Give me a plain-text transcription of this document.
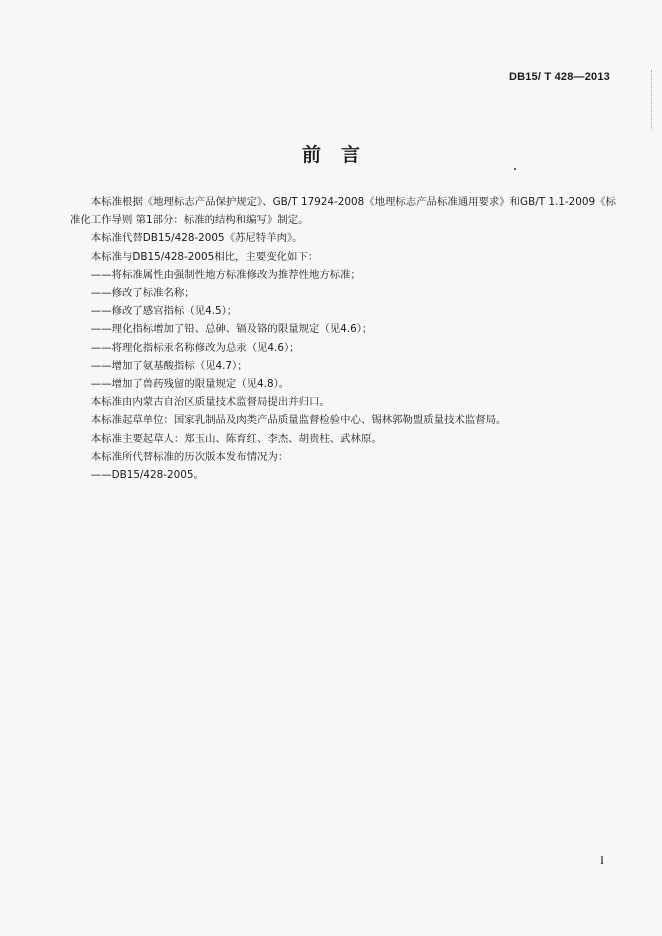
DB15/ T 428—2013
前言

本标准根据《地理标志产品保护规定》、GB/T 17924-2008《地理标志产品标准通用要求》和GB/T 1.1-2009《标准化工作导则 第1部分：标准的结构和编写》制定。

本标准代替DB15/428-2005《苏尼特羊肉》。

本标准与DB15/428-2005相比，主要变化如下：

——将标准属性由强制性地方标准修改为推荐性地方标准；

——修改了标准名称；

——修改了感官指标（见4.5）；

——理化指标增加了铅、总砷、镉及铬的限量规定（见4.6）；

——将理化指标汞名称修改为总汞（见4.6）；

——增加了氨基酸指标（见4.7）；

——增加了兽药残留的限量规定（见4.8）。

本标准由内蒙古自治区质量技术监督局提出并归口。

本标准起草单位：国家乳制品及肉类产品质量监督检验中心、锡林郭勒盟质量技术监督局。

本标准主要起草人：郑玉山、陈育红、李杰、胡贵柱、武林原。

本标准所代替标准的历次版本发布情况为：

——DB15/428-2005。

I
